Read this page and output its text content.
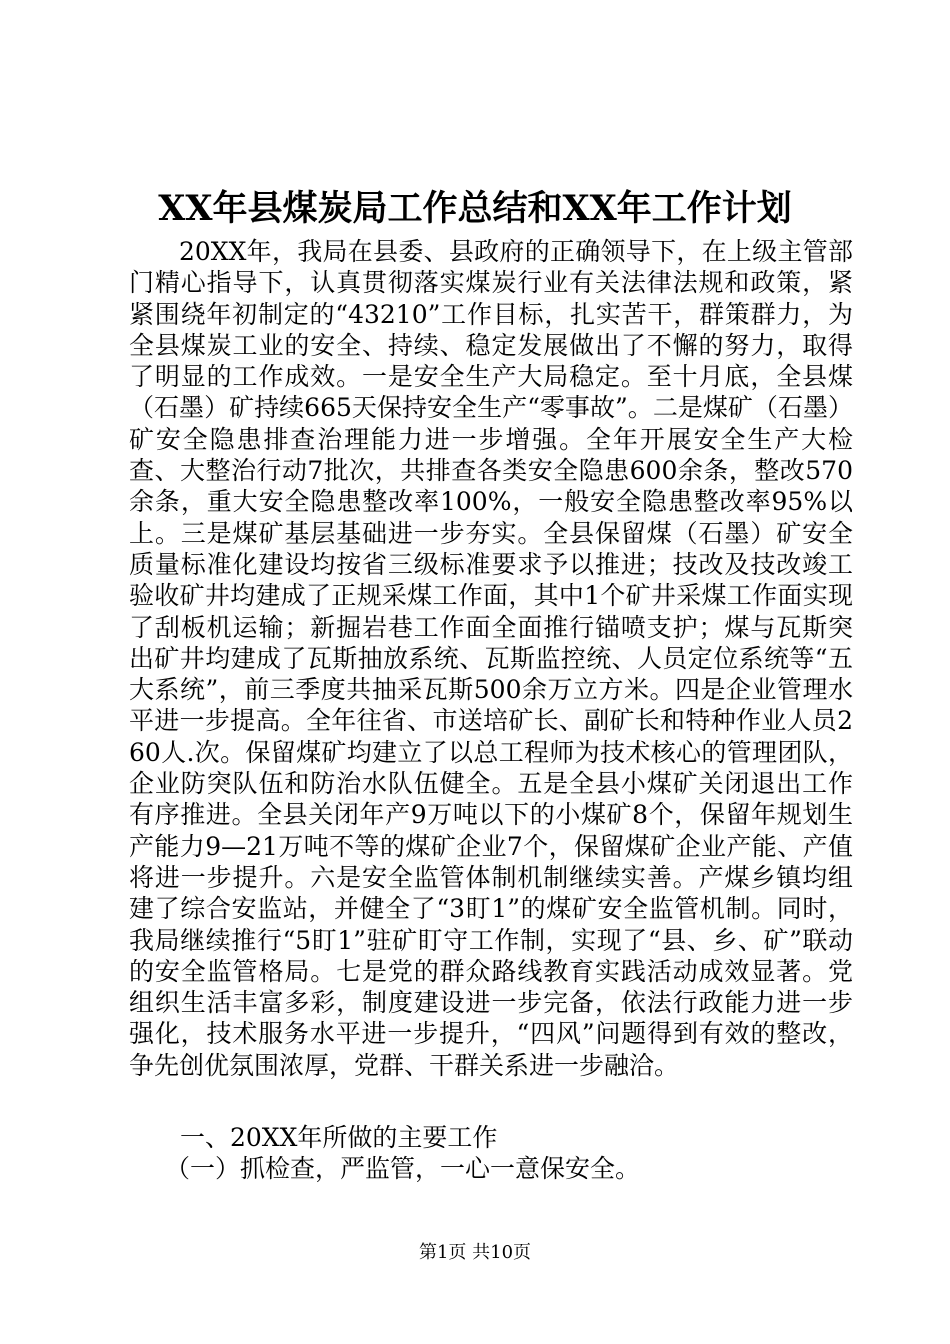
XX年县煤炭局工作总结和XX年工作计划

20XX年，我局在县委、县政府的正确领导下，在上级主管部门精心指导下，认真贯彻落实煤炭行业有关法律法规和政策，紧紧围绕年初制定的“43210”工作目标，扎实苦干，群策群力，为全县煤炭工业的安全、持续、稳定发展做出了不懈的努力，取得了明显的工作成效。一是安全生产大局稳定。至十月底，全县煤（石墨）矿持续665天保持安全生产“零事故”。二是煤矿（石墨）矿安全隐患排查治理能力进一步增强。全年开展安全生产大检查、大整治行动7批次，共排查各类安全隐患600余条，整改570余条，重大安全隐患整改率100%，一般安全隐患整改率95%以上。三是煤矿基层基础进一步夯实。全县保留煤（石墨）矿安全质量标准化建设均按省三级标准要求予以推进；技改及技改竣工验收矿井均建成了正规采煤工作面，其中1个矿井采煤工作面实现了刮板机运输；新掘岩巷工作面全面推行锚喷支护；煤与瓦斯突出矿井均建成了瓦斯抽放系统、瓦斯监控统、人员定位系统等“五大系统”，前三季度共抽采瓦斯500余万立方米。四是企业管理水平进一步提高。全年往省、市送培矿长、副矿长和特种作业人员260人.次。保留煤矿均建立了以总工程师为技术核心的管理团队，企业防突队伍和防治水队伍健全。五是全县小煤矿关闭退出工作有序推进。全县关闭年产9万吨以下的小煤矿8个，保留年规划生产能力9—21万吨不等的煤矿企业7个，保留煤矿企业产能、产值将进一步提升。六是安全监管体制机制继续实善。产煤乡镇均组建了综合安监站，并健全了“3盯1”的煤矿安全监管机制。同时，我局继续推行“5盯1”驻矿盯守工作制，实现了“县、乡、矿”联动的安全监管格局。七是党的群众路线教育实践活动成效显著。党组织生活丰富多彩，制度建设进一步完备，依法行政能力进一步强化，技术服务水平进一步提升，“四风”问题得到有效的整改，争先创优氛围浓厚，党群、干群关系进一步融洽。

一、20XX年所做的主要工作
（一）抓检查，严监管，一心一意保安全。
第1页 共10页
